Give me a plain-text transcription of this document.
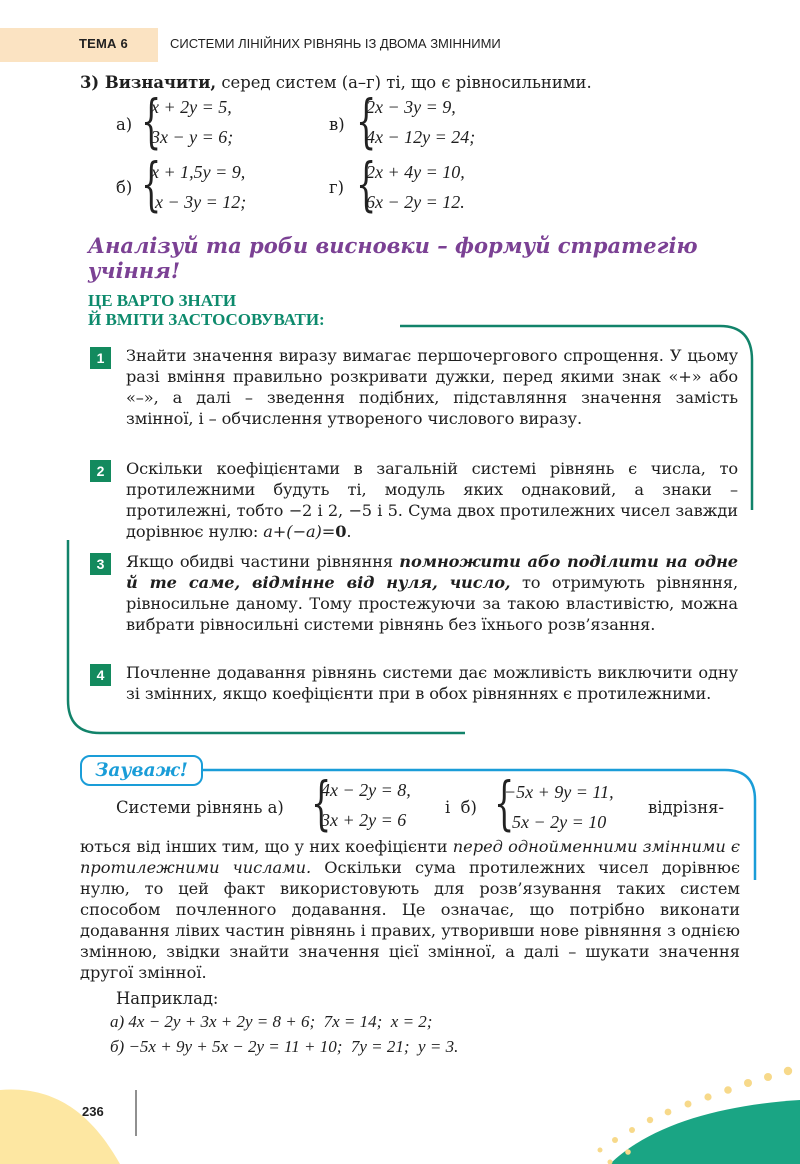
ТЕМА 6	СИСТЕМИ ЛІНІЙНИХ РІВНЯНЬ ІЗ ДВОМА ЗМІННИМИ
3) Визначити, серед систем (а–г) ті, що є рівносильними.
а) {
x + 2y = 5,
3x − y = 6;
в) {
2x − 3y = 9,
4x − 12y = 24;
б) {
x + 1,5y = 9,
x − 3y = 12;
г) {
2x + 4y = 10,
6x − 2y = 12.
Аналізуй та роби висновки – формуй стратегію учіння!
ЦЕ ВАРТО ЗНАТИ
Й ВМІТИ ЗАСТОСОВУВАТИ:
1	Знайти значення виразу вимагає першочергового спрощення. У цьому разі вміння правильно розкривати дужки, перед якими знак «+» або «–», а далі – зведення подібних, підставляння значення замість змінної, і – обчислення утвореного числового виразу.
2	Оскільки коефіцієнтами в загальній системі рівнянь є числа, то протилежними будуть ті, модуль яких однаковий, а знаки – протилежні, тобто −2 і 2, −5 і 5. Сума двох протилежних чисел завжди дорівнює нулю: a+(−a)=0.
3	Якщо обидві частини рівняння помножити або поділити на одне й те саме, відмінне від нуля, число, то отримують рівняння, рівносильне даному. Тому простежуючи за такою властивістю, можна вибрати рівносильні системи рівнянь без їхнього розв’язання.
4	Почленне додавання рівнянь системи дає можливість виключити одну зі змінних, якщо коефіцієнти при в обох рівняннях є протилежними.
Зауваж!
Системи рівнянь а) {
4x − 2y = 8,
3x + 2y = 6
і  б) {
−5x + 9y = 11,
5x − 2y = 10
відрізня-
ються від інших тим, що у них коефіцієнти перед однойменними змінними є протилежними числами. Оскільки сума протилежних чисел дорівнює нулю, то цей факт використовують для розв’язування таких систем способом почленного додавання. Це означає, що потрібно виконати додавання лівих частин рівнянь і правих, утворивши нове рівняння з однією змінною, звідки знайти значення цієї змінної, а далі – шукати значення другої змінної.
Наприклад:
а) 4x − 2y + 3x + 2y = 8 + 6;  7x = 14;  x = 2;
б) −5x + 9y + 5x − 2y = 11 + 10;  7y = 21;  y = 3.
236
